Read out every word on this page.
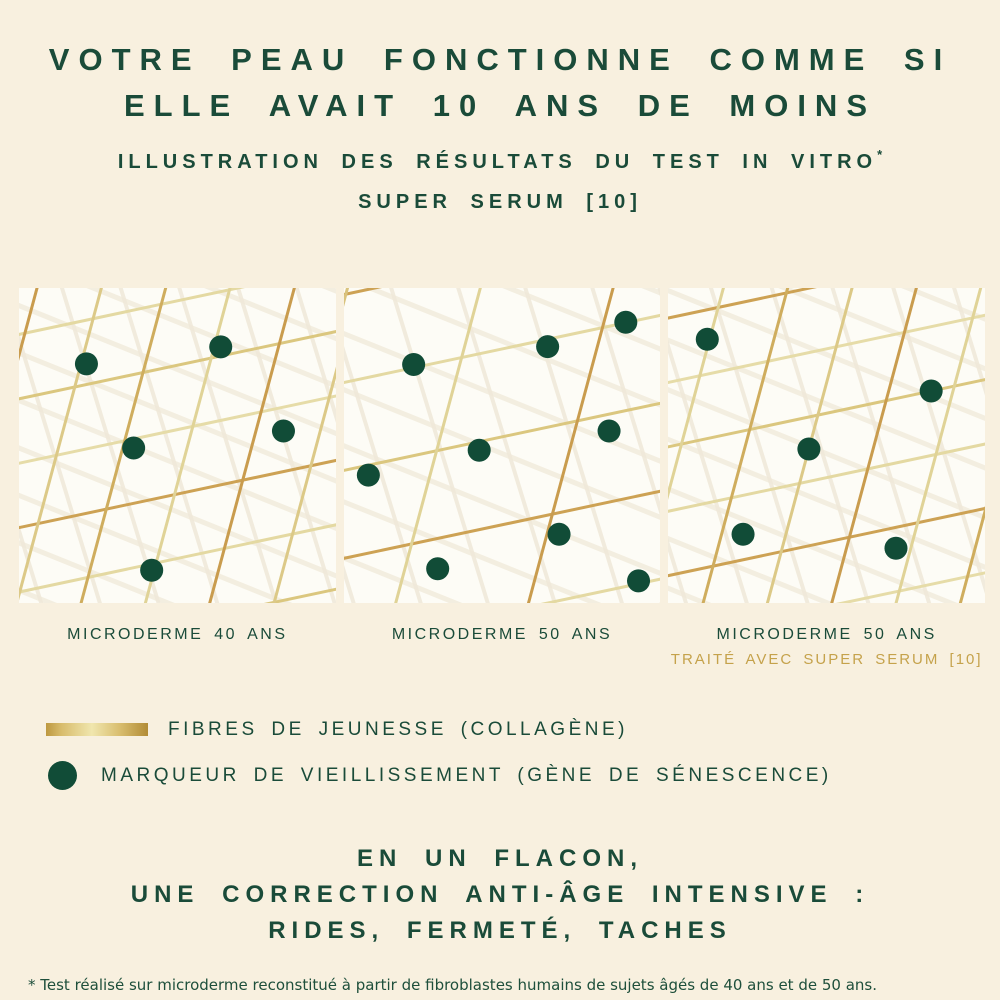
VOTRE PEAU FONCTIONNE COMME SI
ELLE AVAIT 10 ANS DE MOINS
ILLUSTRATION DES RÉSULTATS DU TEST IN VITRO*
SUPER SERUM [10]
MICRODERME 40 ANS	MICRODERME 50 ANS	MICRODERME 50 ANS
TRAITÉ AVEC SUPER SERUM [10]
FIBRES DE JEUNESSE (COLLAGÈNE)
MARQUEUR DE VIEILLISSEMENT (GÈNE DE SÉNESCENCE)
EN UN FLACON,
UNE CORRECTION ANTI-ÂGE INTENSIVE :
RIDES, FERMETÉ, TACHES
* Test réalisé sur microderme reconstitué à partir de fibroblastes humains de sujets âgés de 40 ans et de 50 ans.
